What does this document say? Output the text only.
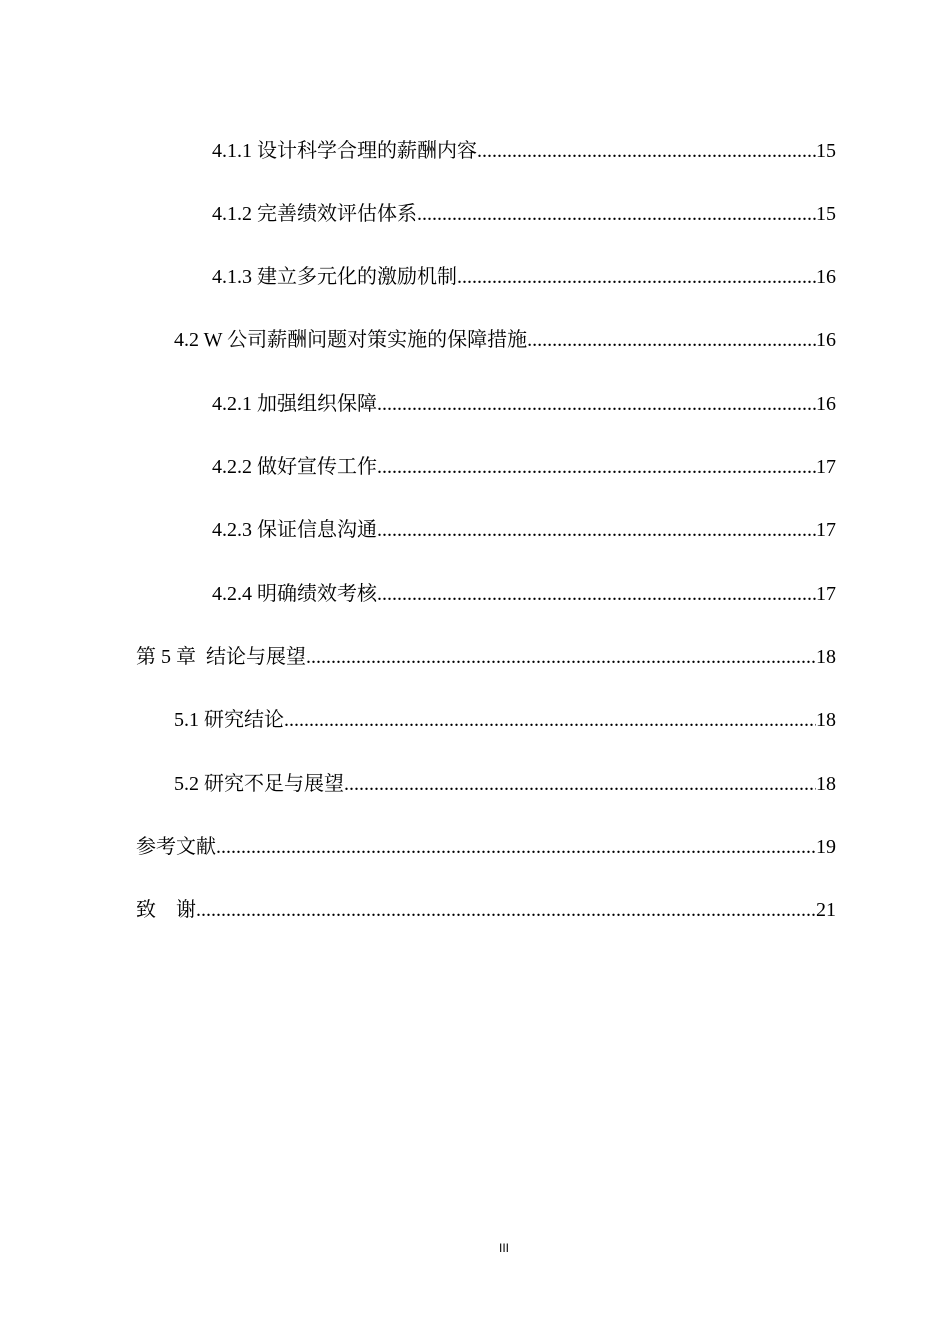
4.1.1 设计科学合理的薪酬内容 .....	15
4.1.2 完善绩效评估体系 .....	15
4.1.3 建立多元化的激励机制 .....	16
4.2 W 公司薪酬问题对策实施的保障措施 .....	16
4.2.1 加强组织保障 .....	16
4.2.2 做好宣传工作 .....	17
4.2.3 保证信息沟通 .....	17
4.2.4 明确绩效考核 .....	17
第 5 章  结论与展望 .....	18
5.1 研究结论 .....	18
5.2 研究不足与展望 .....	18
参考文献 .....	19
致    谢 .....	21
III
